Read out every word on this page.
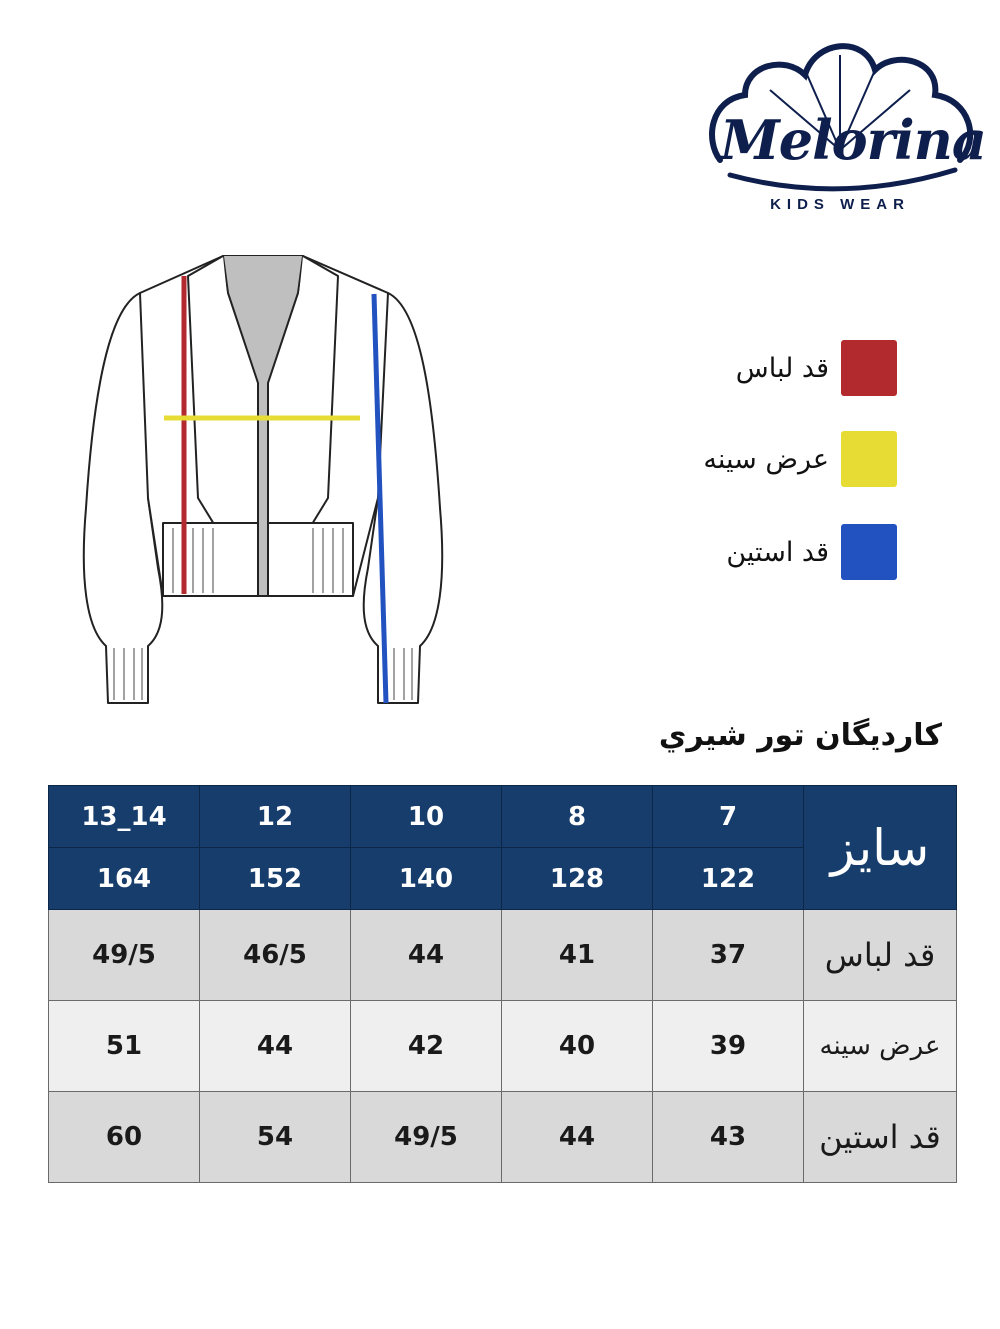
Melorina
KIDS WEAR
قد لباس
عرض سينه
قد استين
كارديگان تور شيري
13_14	12	10	8	7	سایز
164	152	140	128	122	
49/5	46/5	44	41	37	قد لباس
51	44	42	40	39	عرض سینه
60	54	49/5	44	43	قد استین
